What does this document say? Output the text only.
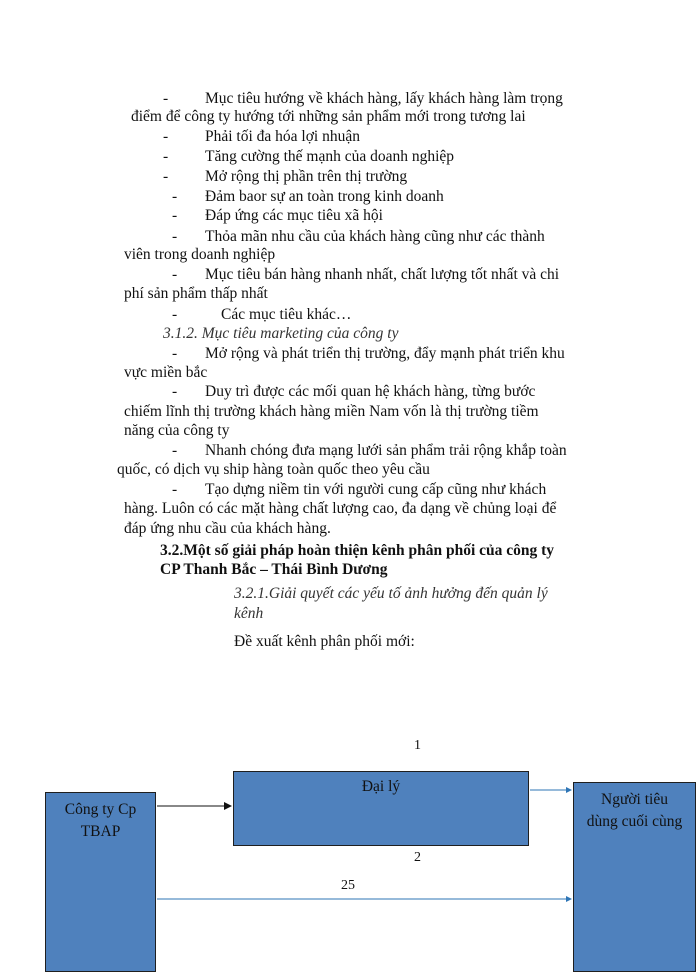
- Mục tiêu hướng về khách hàng, lấy khách hàng làm trọng
điểm để công ty hướng tới những sản phẩm mới trong tương lai
- Phải tối đa hóa lợi nhuận
- Tăng cường thế mạnh của doanh nghiệp
- Mở rộng thị phần trên thị trường
- Đảm baor sự an toàn trong kinh doanh
- Đáp ứng các mục tiêu xã hội
- Thỏa mãn nhu cầu của khách hàng cũng như các thành
viên trong doanh nghiệp
- Mục tiêu bán hàng nhanh nhất, chất lượng tốt nhất và chi
phí sản phẩm thấp nhất
-	Các mục tiêu khác…
3.1.2. Mục tiêu marketing của công ty
- Mở rộng và phát triển thị trường, đẩy mạnh phát triển khu
vực miền bắc
- Duy trì được các mối quan hệ khách hàng, từng bước
chiếm lĩnh thị trường khách hàng miền Nam vốn là thị trường tiềm
năng của công ty
- Nhanh chóng đưa mạng lưới sản phẩm trải rộng khắp toàn
quốc, có dịch vụ ship hàng toàn quốc theo yêu cầu
- Tạo dựng niềm tin với người cung cấp cũng như khách
hàng. Luôn có các mặt hàng chất lượng cao, đa dạng về chủng loại để
đáp ứng nhu cầu của khách hàng.
3.2.Một số giải pháp hoàn thiện kênh phân phối của công ty
CP Thanh Bắc – Thái Bình Dương
3.2.1.Giải quyết các yếu tố ảnh hưởng đến quản lý
kênh
Đề xuất kênh phân phối mới:
1
Đại lý
Công ty Cp
TBAP
Người tiêu
dùng cuối cùng
2
25
